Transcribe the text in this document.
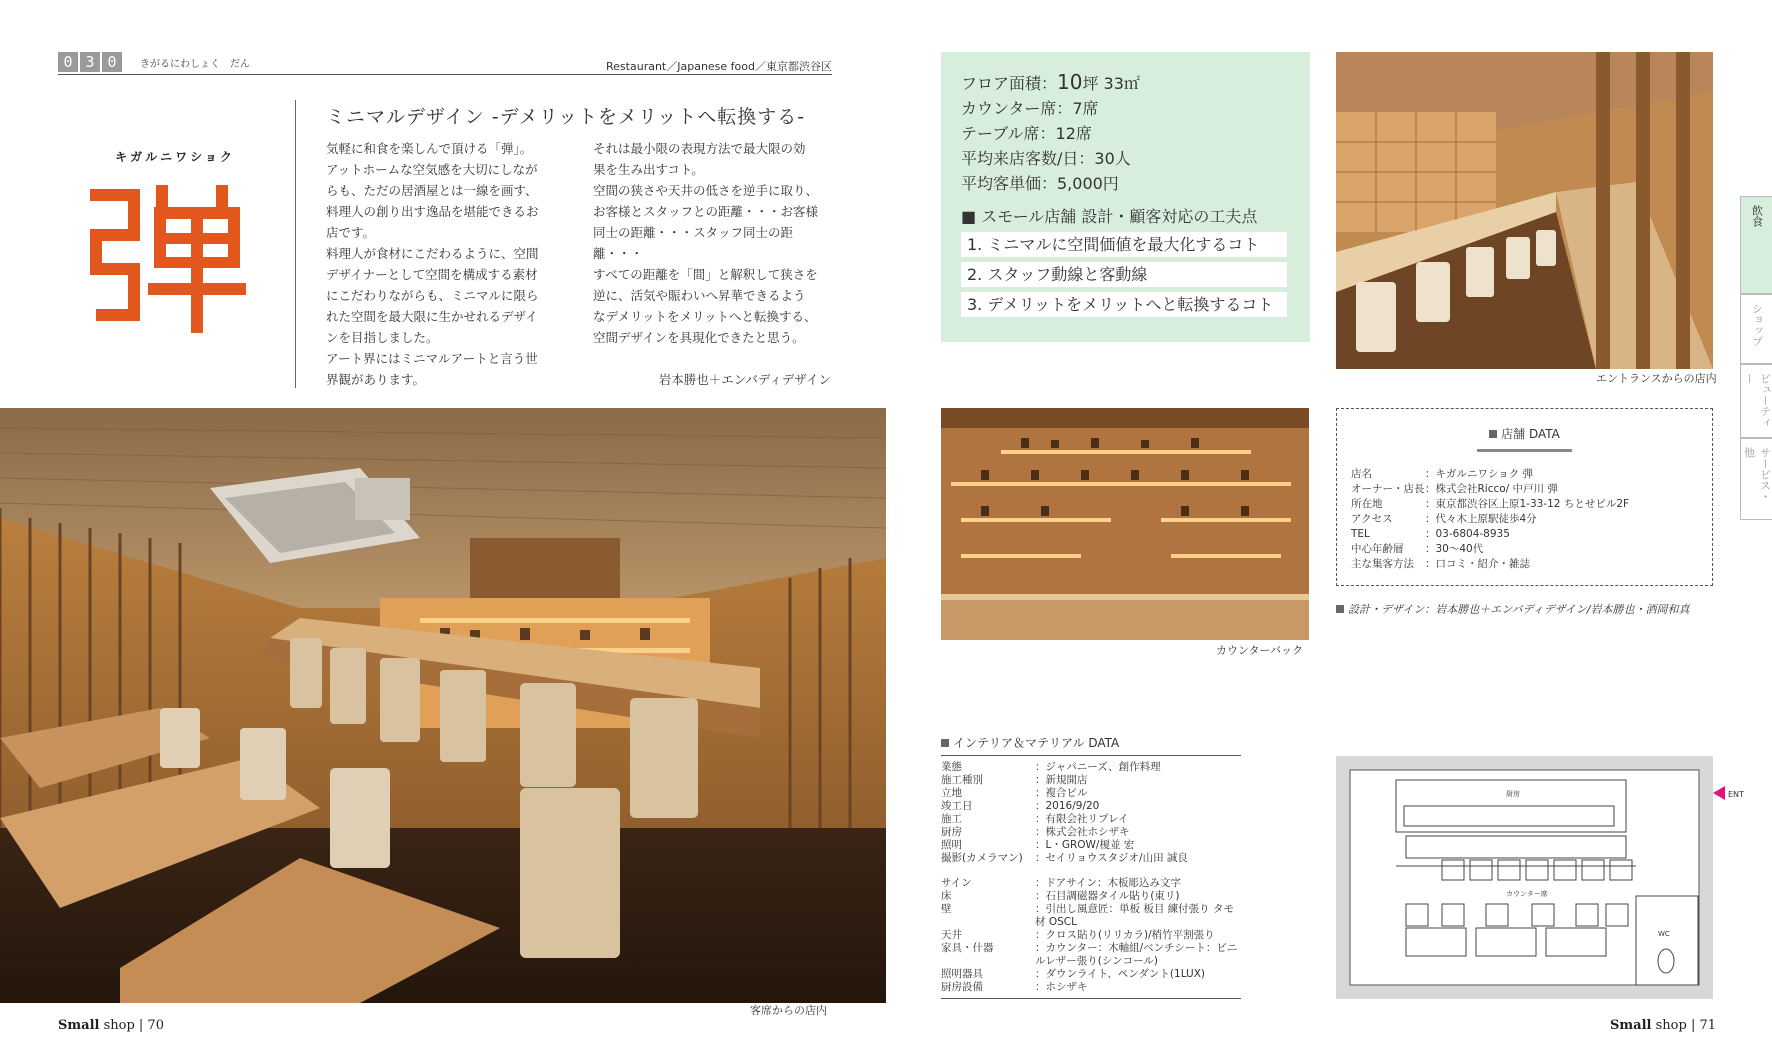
0 3 0	きがるにわしょく　だん	Restaurant／Japanese food／東京都渋谷区
キガルニワショク
ミニマルデザイン -デメリットをメリットへ転換する-

気軽に和食を楽しんで頂ける「弾」。

アットホームな空気感を大切にしなが

らも、ただの居酒屋とは一線を画す、

料理人の創り出す逸品を堪能できるお

店です。

料理人が食材にこだわるように、空間

デザイナーとして空間を構成する素材

にこだわりながらも、ミニマルに限ら

れた空間を最大限に生かせれるデザイ

ンを目指しました。

アート界にはミニマルアートと言う世

界観があります。

それは最小限の表現方法で最大限の効

果を生み出すコト。

空間の狭さや天井の低さを逆手に取り、

お客様とスタッフとの距離・・・お客様

同士の距離・・・スタッフ同士の距離・・・

すべての距離を「間」と解釈して狭さを

逆に、活気や賑わいへ昇華できるよう

なデメリットをメリットへと転換する、

空間デザインを具現化できたと思う。

岩本勝也＋エンバディデザイン
客席からの店内
フロア面積：10坪 33㎡
カウンター席：7席
テーブル席：12席
平均来店客数/日：30人
平均客単価：5,000円
■ スモール店舗 設計・顧客対応の工夫点
1. ミニマルに空間価値を最大化するコト
2. スタッフ動線と客動線
3. デメリットをメリットへと転換するコト
エントランスからの店内
カウンターバック
店舗 DATA
店名	：キガルニワショク 弾
オーナー・店長 ：株式会社Ricco/ 中戸川 弾
所在地	：東京都渋谷区上原1-33-12 ちとせビル2F
アクセス	：代々木上原駅徒歩4分
TEL	：03-6804-8935
中心年齢層	：30〜40代
主な集客方法	：口コミ・紹介・雑誌
設計・デザイン：岩本勝也＋エンバディデザイン/岩本勝也・酒岡和真
インテリア＆マテリアル DATA
業態	：ジャパニーズ、創作料理
施工種別	：新規開店
立地	：複合ビル
竣工日	：2016/9/20
施工	：有限会社リプレイ
厨房	：株式会社ホシザキ
照明	：L・GROW/榎並 宏
撮影(カメラマン)	：セイリョウスタジオ/山田 誠良
サイン	：ドアサイン：木板彫込み文字
床	：石目調磁器タイル貼り(東リ)
壁	：引出し風意匠：単板 板目 練付張り タモ材 OSCL
天井	：クロス貼り(リリカラ)/梢竹平割張り
家具・什器	：カウンター：木軸組/ベンチシート：ビニルレザー張り(シンコール)
照明器具	：ダウンライト、ペンダント(1LUX)
厨房設備	：ホシザキ
厨房
カウンター席
WC
ENT
飲食
ショップ
ビューティー
サービス・他
Small shop | 70	Small shop | 71
